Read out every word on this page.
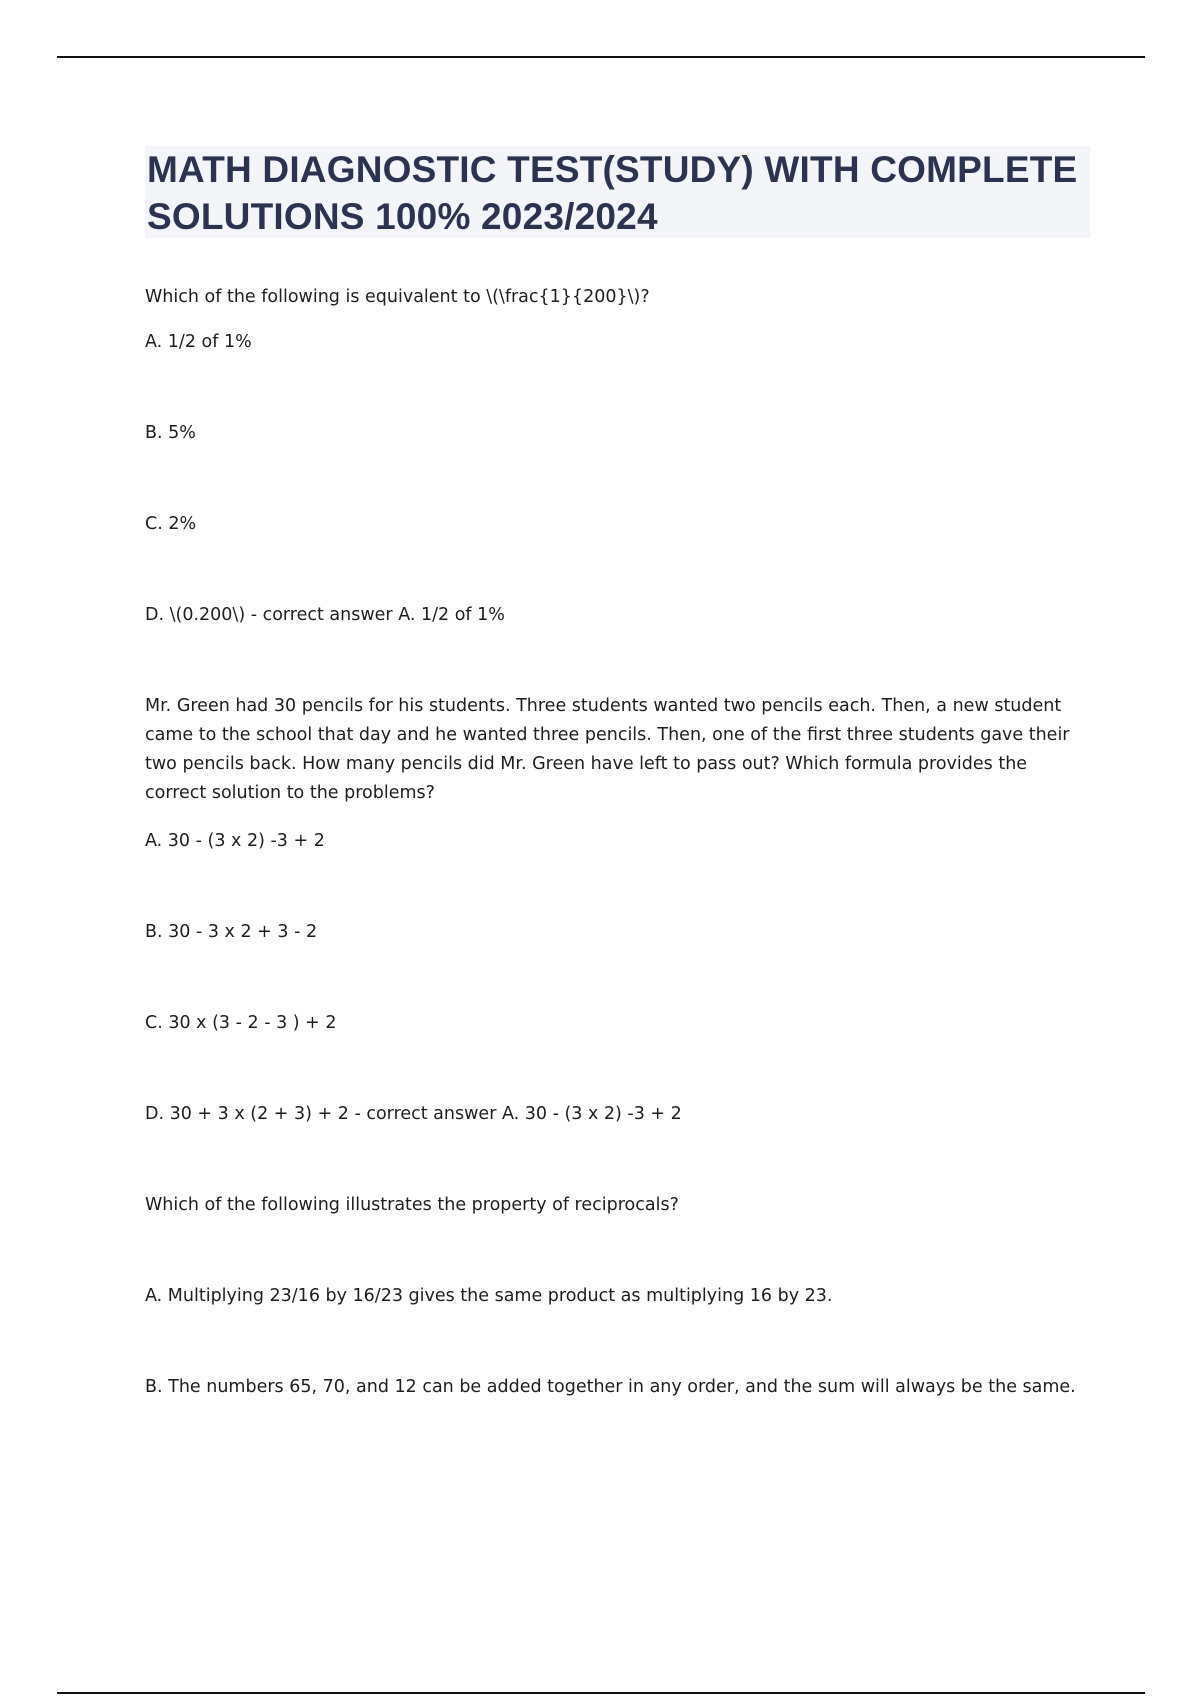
MATH DIAGNOSTIC TEST(STUDY) WITH COMPLETE SOLUTIONS 100% 2023/2024

Which of the following is equivalent to \(\frac{1}{200}\)?

A. 1/2 of 1%

B. 5%

C. 2%

D. \(0.200\) - correct answer A. 1/2 of 1%

Mr. Green had 30 pencils for his students. Three students wanted two pencils each. Then, a new student came to the school that day and he wanted three pencils. Then, one of the first three students gave their two pencils back. How many pencils did Mr. Green have left to pass out? Which formula provides the correct solution to the problems?

A. 30 - (3 x 2) -3 + 2

B. 30 - 3 x 2 + 3 - 2

C. 30 x (3 - 2 - 3 ) + 2

D. 30 + 3 x (2 + 3) + 2 - correct answer A. 30 - (3 x 2) -3 + 2

Which of the following illustrates the property of reciprocals?

A. Multiplying 23/16 by 16/23 gives the same product as multiplying 16 by 23.

B. The numbers 65, 70, and 12 can be added together in any order, and the sum will always be the same.
